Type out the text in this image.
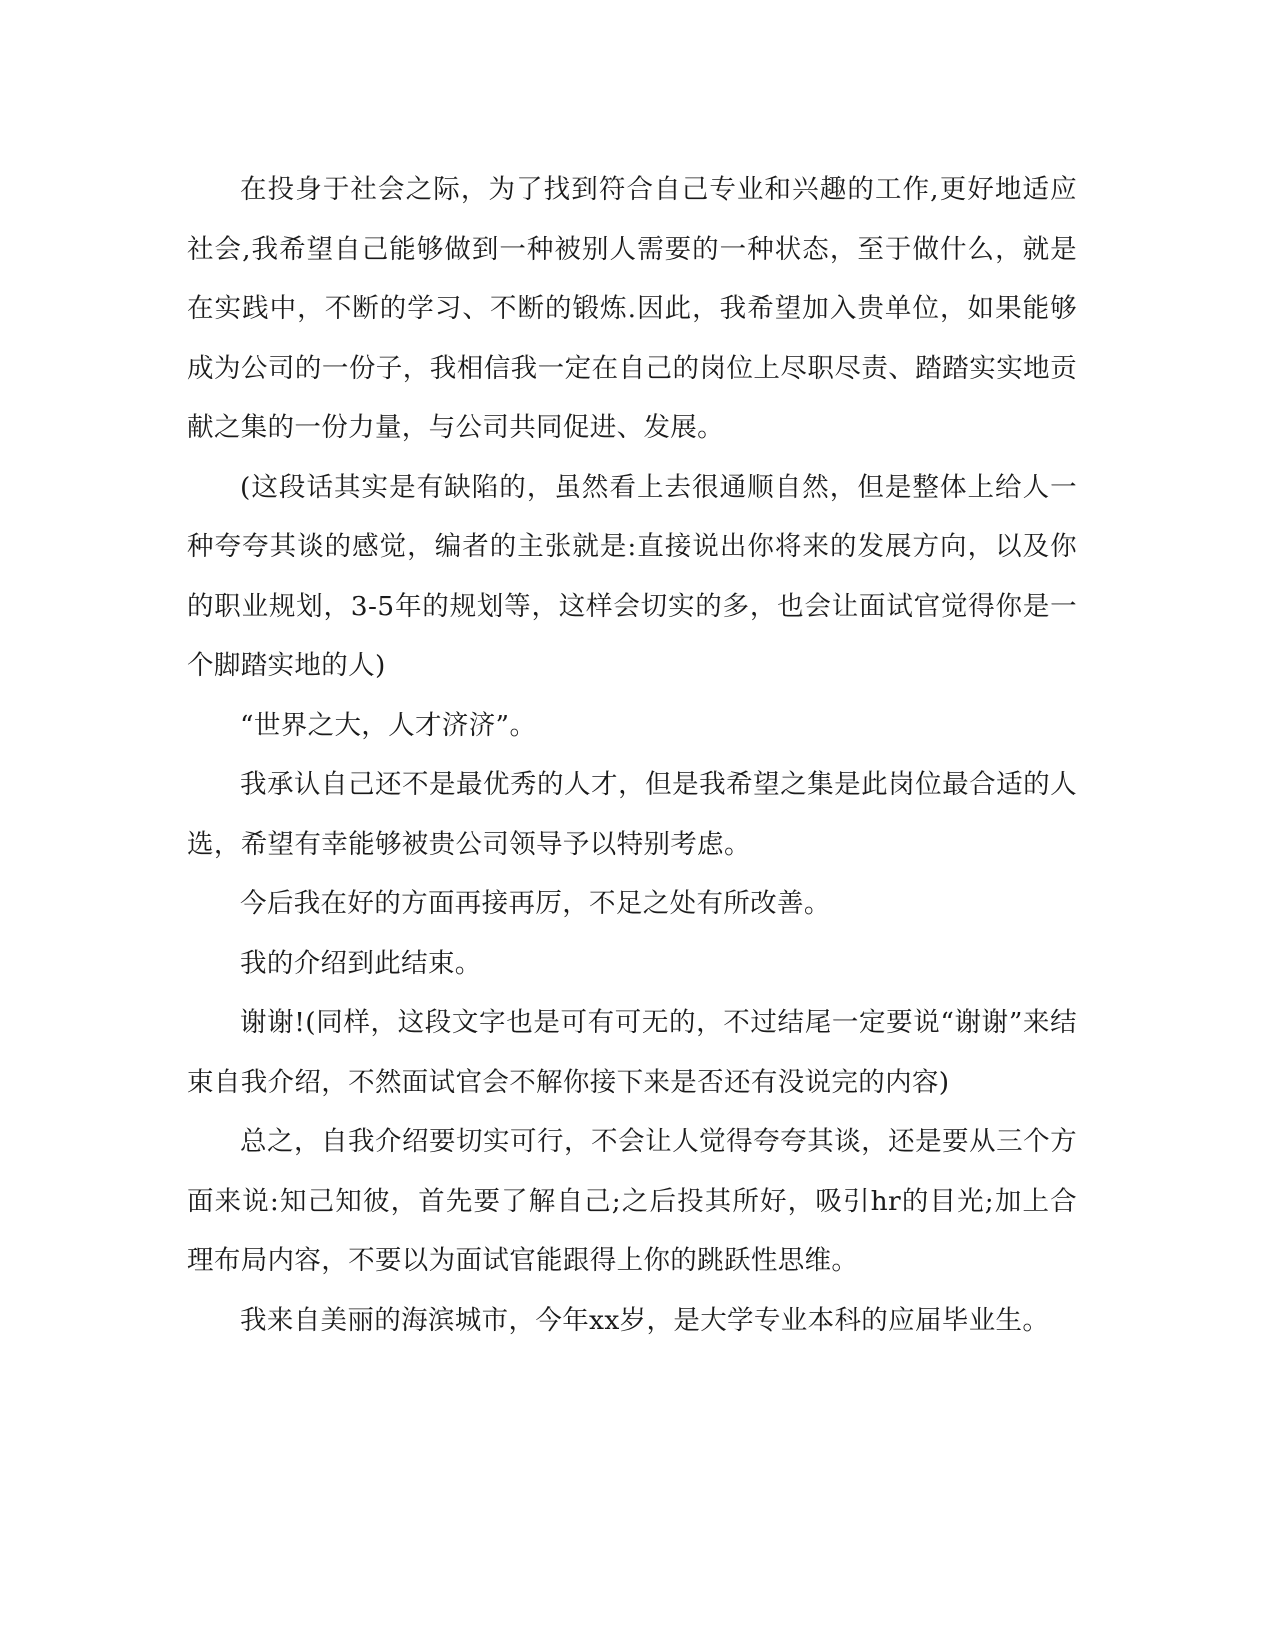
在投身于社会之际，为了找到符合自己专业和兴趣的工作,更好地适应社会,我希望自己能够做到一种被别人需要的一种状态，至于做什么，就是在实践中，不断的学习、不断的锻炼.因此，我希望加入贵单位，如果能够成为公司的一份子，我相信我一定在自己的岗位上尽职尽责、踏踏实实地贡献之集的一份力量，与公司共同促进、发展。

(这段话其实是有缺陷的，虽然看上去很通顺自然，但是整体上给人一种夸夸其谈的感觉，编者的主张就是:直接说出你将来的发展方向，以及你的职业规划，3-5年的规划等，这样会切实的多，也会让面试官觉得你是一个脚踏实地的人)

“世界之大，人才济济”。

我承认自己还不是最优秀的人才，但是我希望之集是此岗位最合适的人选，希望有幸能够被贵公司领导予以特别考虑。

今后我在好的方面再接再厉，不足之处有所改善。

我的介绍到此结束。

谢谢!(同样，这段文字也是可有可无的，不过结尾一定要说“谢谢”来结束自我介绍，不然面试官会不解你接下来是否还有没说完的内容)

总之，自我介绍要切实可行，不会让人觉得夸夸其谈，还是要从三个方面来说:知己知彼，首先要了解自己;之后投其所好，吸引hr的目光;加上合理布局内容，不要以为面试官能跟得上你的跳跃性思维。

我来自美丽的海滨城市，今年xx岁，是大学专业本科的应届毕业生。
